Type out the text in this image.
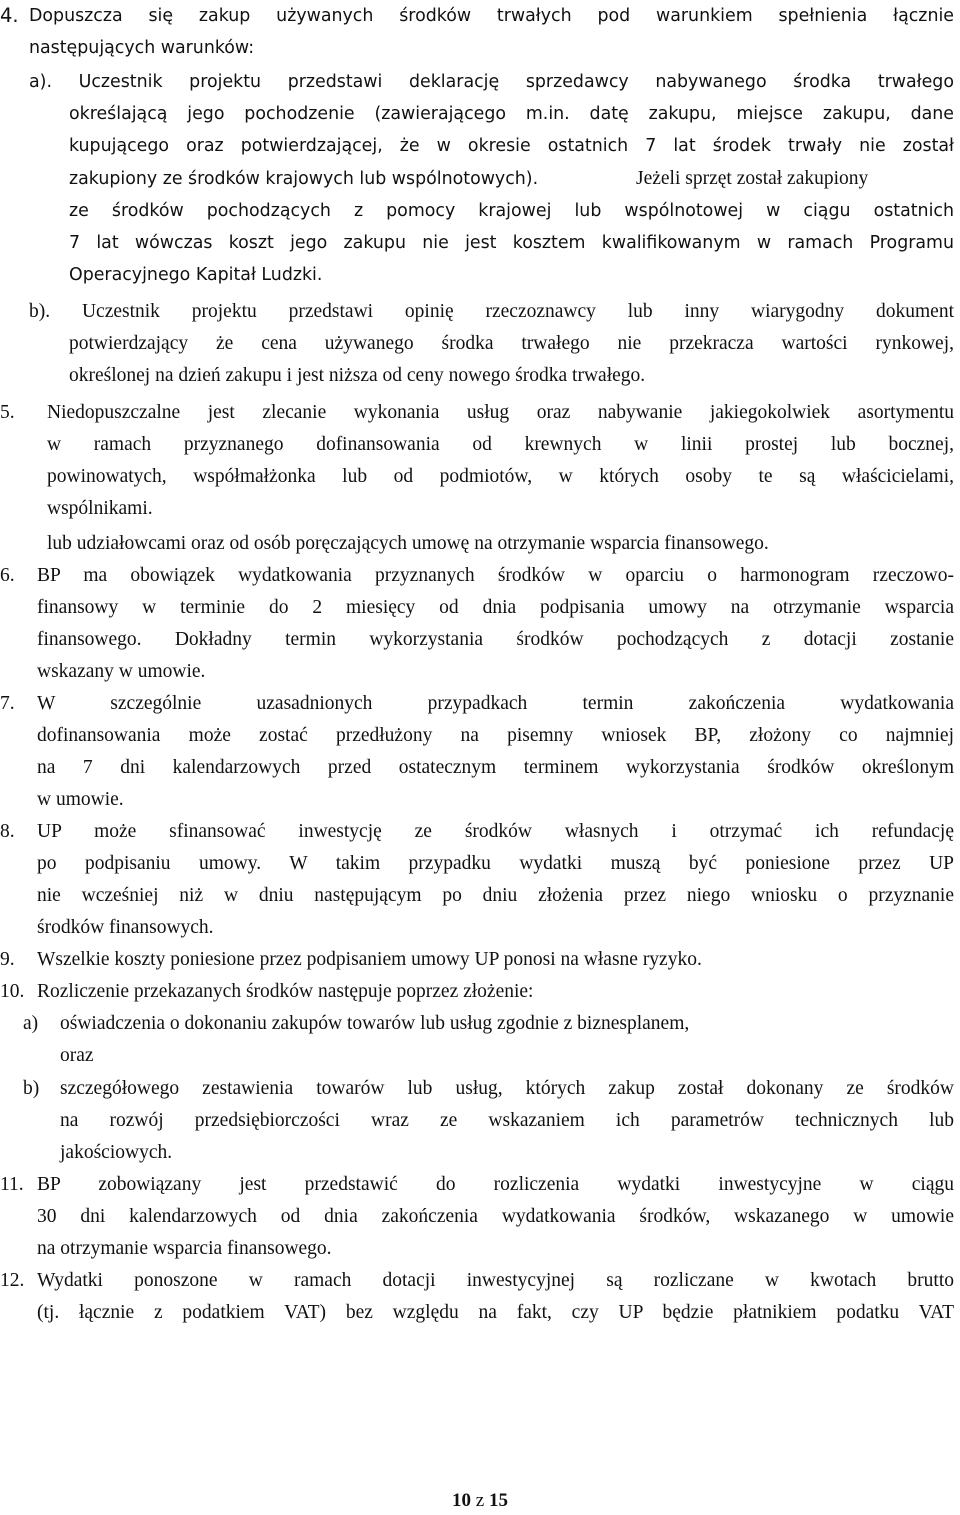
4. Dopuszcza się zakup używanych środków trwałych pod warunkiem spełnienia łącznie
następujących warunków:
a). Uczestnik projektu przedstawi deklarację sprzedawcy nabywanego środka trwałego
określającą jego pochodzenie (zawierającego m.in. datę zakupu, miejsce zakupu, dane
kupującego oraz potwierdzającej, że w okresie ostatnich 7 lat środek trwały nie został
zakupiony ze środków krajowych lub wspólnotowych).	Jeżeli sprzęt został zakupiony
ze środków pochodzących z pomocy krajowej lub wspólnotowej w ciągu ostatnich
7 lat wówczas koszt jego zakupu nie jest kosztem kwalifikowanym w ramach Programu
Operacyjnego Kapitał Ludzki.
b). Uczestnik projektu przedstawi opinię rzeczoznawcy lub inny wiarygodny dokument
potwierdzający że cena używanego środka trwałego nie przekracza wartości rynkowej,
określonej na dzień zakupu i jest niższa od ceny nowego środka trwałego.
5. Niedopuszczalne jest zlecanie wykonania usług oraz nabywanie jakiegokolwiek asortymentu
w ramach przyznanego dofinansowania od krewnych w linii prostej lub bocznej,
powinowatych, współmałżonka lub od podmiotów, w których osoby te są właścicielami,
wspólnikami.
lub udziałowcami oraz od osób poręczających umowę na otrzymanie wsparcia finansowego.
6. BP ma obowiązek wydatkowania przyznanych środków w oparciu o harmonogram rzeczowo-
finansowy w terminie do 2 miesięcy od dnia podpisania umowy na otrzymanie wsparcia
finansowego. Dokładny termin wykorzystania środków pochodzących z dotacji zostanie
wskazany w umowie.
7. W szczególnie uzasadnionych przypadkach termin zakończenia wydatkowania
dofinansowania może zostać przedłużony na pisemny wniosek BP, złożony co najmniej
na 7 dni kalendarzowych przed ostatecznym terminem wykorzystania środków określonym
w umowie.
8. UP może sfinansować inwestycję ze środków własnych i otrzymać ich refundację
po podpisaniu umowy. W takim przypadku wydatki muszą być poniesione przez UP
nie wcześniej niż w dniu następującym po dniu złożenia przez niego wniosku o przyznanie
środków finansowych.
9. Wszelkie koszty poniesione przez podpisaniem umowy UP ponosi na własne ryzyko.
10. Rozliczenie przekazanych środków następuje poprzez złożenie:
a) oświadczenia o dokonaniu zakupów towarów lub usług zgodnie z biznesplanem,
oraz
b) szczegółowego zestawienia towarów lub usług, których zakup został dokonany ze środków
na rozwój przedsiębiorczości wraz ze wskazaniem ich parametrów technicznych lub
jakościowych.
11. BP zobowiązany jest przedstawić do rozliczenia wydatki inwestycyjne w ciągu
30 dni kalendarzowych od dnia zakończenia wydatkowania środków, wskazanego w umowie
na otrzymanie wsparcia finansowego.
12. Wydatki ponoszone w ramach dotacji inwestycyjnej są rozliczane w kwotach brutto
(tj. łącznie z podatkiem VAT) bez względu na fakt, czy UP będzie płatnikiem podatku VAT
10 z 15
